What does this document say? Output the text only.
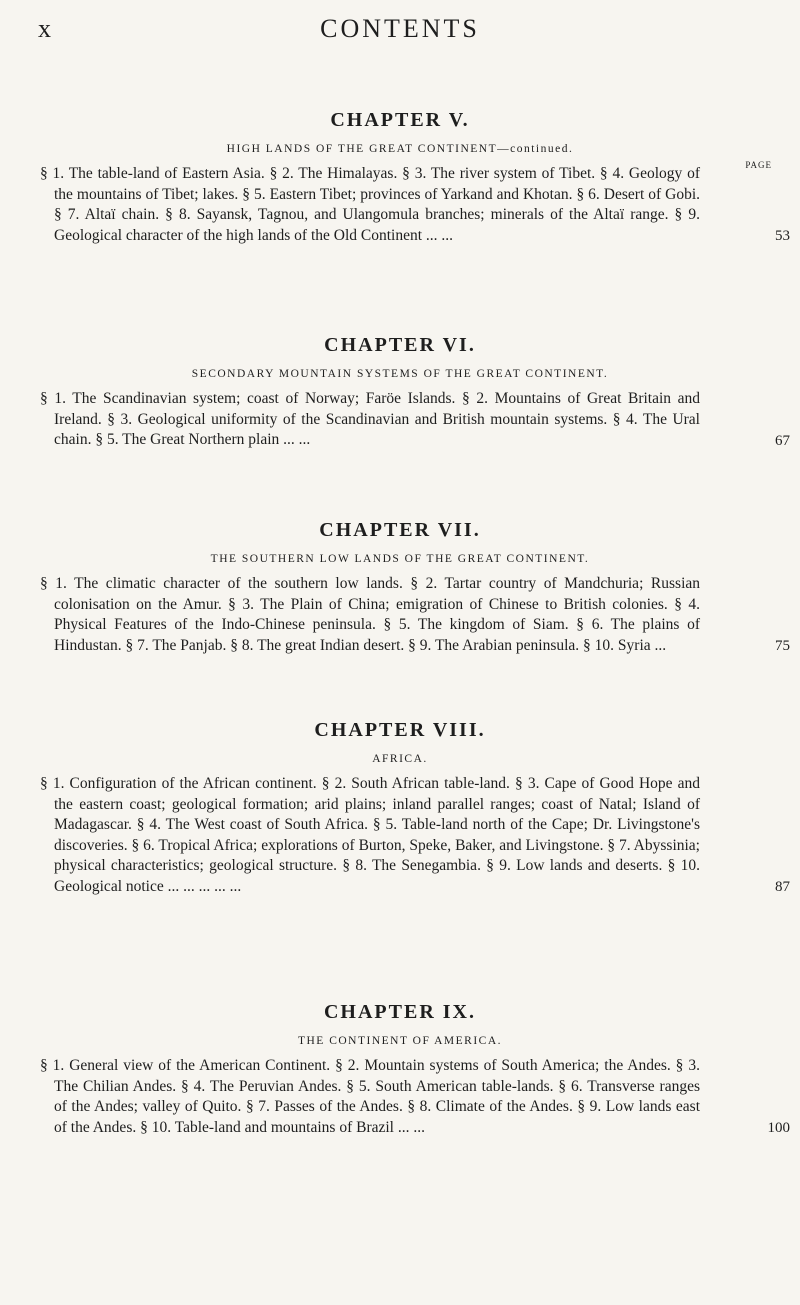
CONTENTS
x
CHAPTER V.

HIGH LANDS OF THE GREAT CONTINENT—continued.

PAGE

§ 1. The table-land of Eastern Asia. § 2. The Himalayas. § 3. The river system of Tibet. § 4. Geology of the mountains of Tibet; lakes. § 5. Eastern Tibet; provinces of Yarkand and Khotan. § 6. Desert of Gobi. § 7. Altaï chain. § 8. Sayansk, Tagnou, and Ulangomula branches; minerals of the Altaï range. § 9. Geological character of the high lands of the Old Continent ... ...	53
CHAPTER VI.

SECONDARY MOUNTAIN SYSTEMS OF THE GREAT CONTINENT.

§ 1. The Scandinavian system; coast of Norway; Faröe Islands. § 2. Mountains of Great Britain and Ireland. § 3. Geological uniformity of the Scandinavian and British mountain systems. § 4. The Ural chain. § 5. The Great Northern plain ... ...	67
CHAPTER VII.

THE SOUTHERN LOW LANDS OF THE GREAT CONTINENT.

§ 1. The climatic character of the southern low lands. § 2. Tartar country of Mandchuria; Russian colonisation on the Amur. § 3. The Plain of China; emigration of Chinese to British colonies. § 4. Physical Features of the Indo-Chinese peninsula. § 5. The kingdom of Siam. § 6. The plains of Hindustan. § 7. The Panjab. § 8. The great Indian desert. § 9. The Arabian peninsula. § 10. Syria ...	75
CHAPTER VIII.

AFRICA.

§ 1. Configuration of the African continent. § 2. South African table-land. § 3. Cape of Good Hope and the eastern coast; geological formation; arid plains; inland parallel ranges; coast of Natal; Island of Madagascar. § 4. The West coast of South Africa. § 5. Table-land north of the Cape; Dr. Livingstone's discoveries. § 6. Tropical Africa; explorations of Burton, Speke, Baker, and Livingstone. § 7. Abyssinia; physical characteristics; geological structure. § 8. The Senegambia. § 9. Low lands and deserts. § 10. Geological notice ... ... ... ... ...	87
CHAPTER IX.

THE CONTINENT OF AMERICA.

§ 1. General view of the American Continent. § 2. Mountain systems of South America; the Andes. § 3. The Chilian Andes. § 4. The Peruvian Andes. § 5. South American table-lands. § 6. Transverse ranges of the Andes; valley of Quito. § 7. Passes of the Andes. § 8. Climate of the Andes. § 9. Low lands east of the Andes. § 10. Table-land and mountains of Brazil ... ...	100
